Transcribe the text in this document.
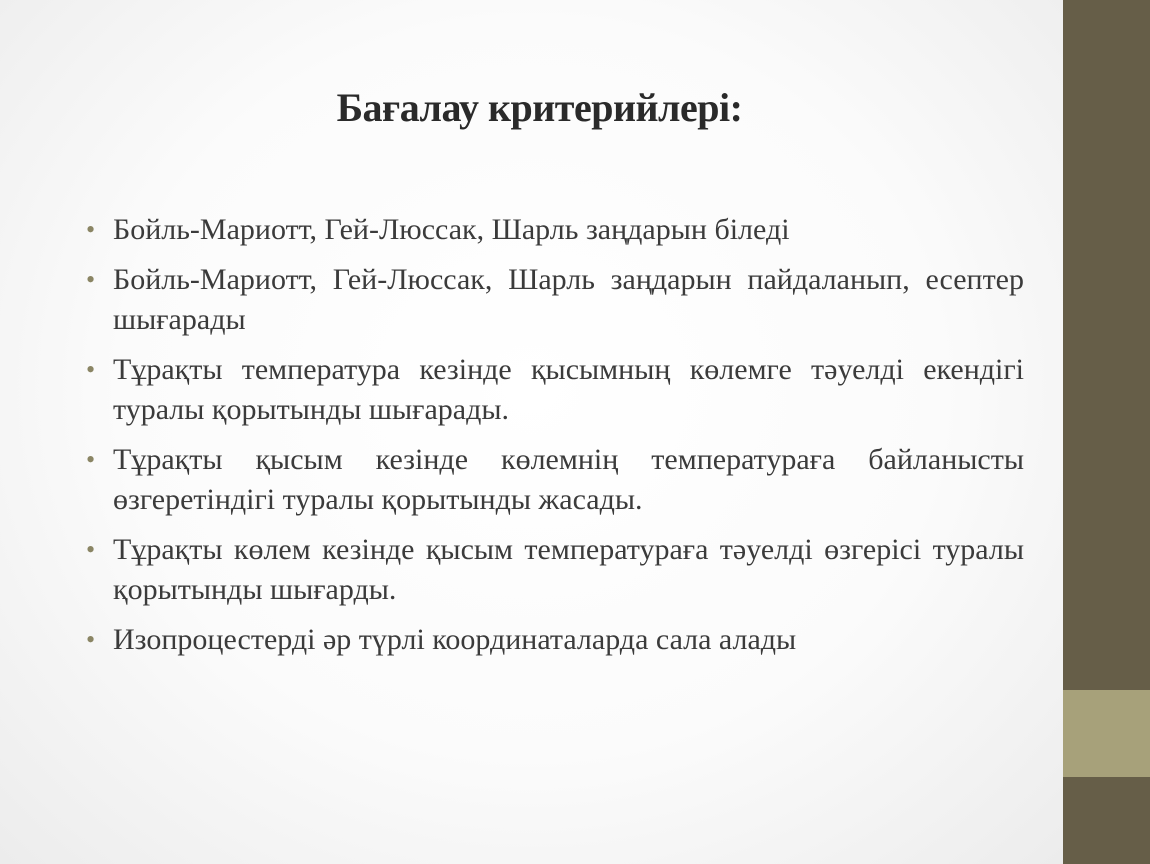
Бағалау критерийлері:
• Бойль-Мариотт, Гей-Люссак, Шарль заңдарын біледі
• Бойль-Мариотт, Гей-Люссак, Шарль заңдарын пайдаланып, есептер шығарады
• Тұрақты температура кезінде қысымның көлемге тәуелді екендігі туралы қорытынды шығарады.
• Тұрақты қысым кезінде көлемнің температураға байланысты өзгеретіндігі туралы қорытынды жасады.
• Тұрақты көлем кезінде қысым температураға тәуелді өзгерісі туралы қорытынды шығарды.
• Изопроцестерді әр түрлі координаталарда сала алады
